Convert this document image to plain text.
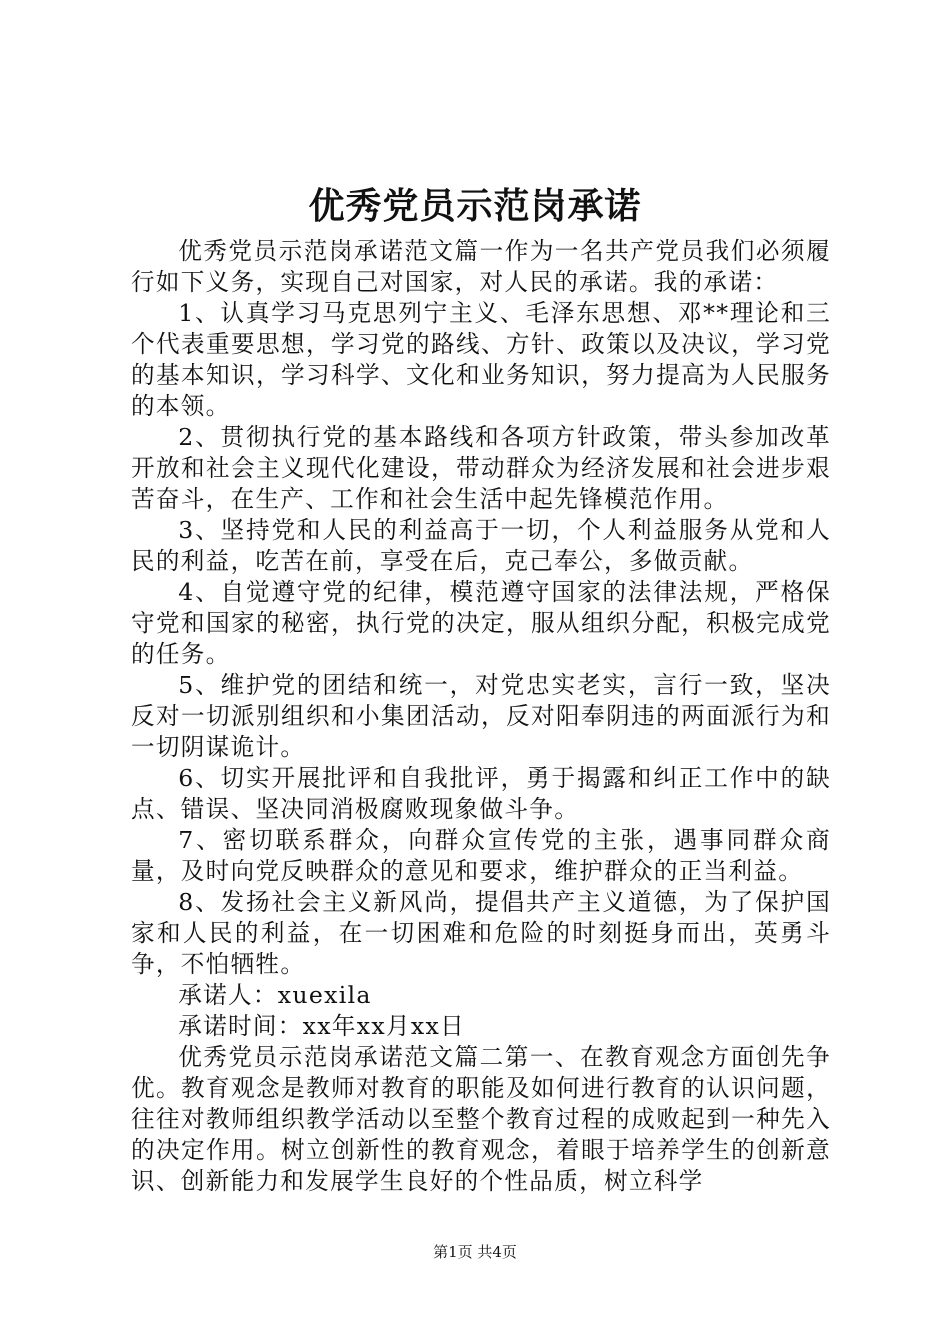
优秀党员示范岗承诺

优秀党员示范岗承诺范文篇一作为一名共产党员我们必须履行如下义务，实现自己对国家，对人民的承诺。我的承诺：

1、认真学习马克思列宁主义、毛泽东思想、邓**理论和三个代表重要思想，学习党的路线、方针、政策以及决议，学习党的基本知识，学习科学、文化和业务知识，努力提高为人民服务的本领。

2、贯彻执行党的基本路线和各项方针政策，带头参加改革开放和社会主义现代化建设，带动群众为经济发展和社会进步艰苦奋斗，在生产、工作和社会生活中起先锋模范作用。

3、坚持党和人民的利益高于一切，个人利益服务从党和人民的利益，吃苦在前，享受在后，克己奉公，多做贡献。

4、自觉遵守党的纪律，模范遵守国家的法律法规，严格保守党和国家的秘密，执行党的决定，服从组织分配，积极完成党的任务。

5、维护党的团结和统一，对党忠实老实，言行一致，坚决反对一切派别组织和小集团活动，反对阳奉阴违的两面派行为和一切阴谋诡计。

6、切实开展批评和自我批评，勇于揭露和纠正工作中的缺点、错误、坚决同消极腐败现象做斗争。

7、密切联系群众，向群众宣传党的主张，遇事同群众商量，及时向党反映群众的意见和要求，维护群众的正当利益。

8、发扬社会主义新风尚，提倡共产主义道德，为了保护国家和人民的利益，在一切困难和危险的时刻挺身而出，英勇斗争，不怕牺牲。

承诺人：xuexila

承诺时间：xx年xx月xx日

优秀党员示范岗承诺范文篇二第一、在教育观念方面创先争优。教育观念是教师对教育的职能及如何进行教育的认识问题，往往对教师组织教学活动以至整个教育过程的成败起到一种先入的决定作用。树立创新性的教育观念，着眼于培养学生的创新意识、创新能力和发展学生良好的个性品质，树立科学

第1页 共4页
